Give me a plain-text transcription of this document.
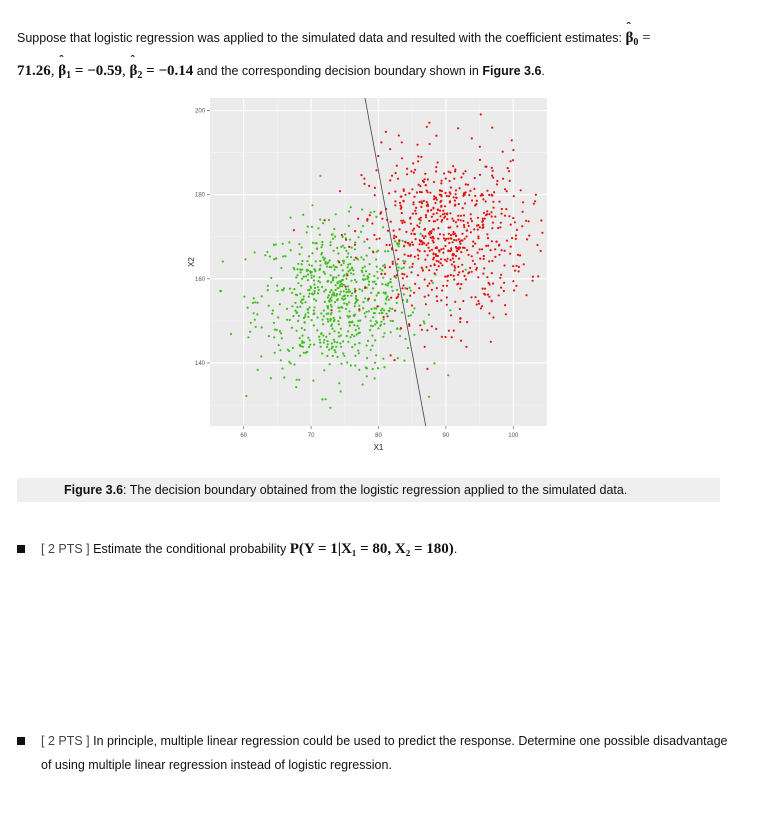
Suppose that logistic regression was applied to the simulated data and resulted with the coefficient estimates: ˆ $\beta_0$ =
71.26, ˆ $\beta_1 = -0.59$, ˆ $\beta_2 = -0.14$ and the corresponding decision boundary shown in Figure 3.6.
60	70	80	90	100
140
160
180
200
X1
X2
Figure 3.6: The decision boundary obtained from the logistic regression applied to the simulated data.
[ 2 PTS ] Estimate the conditional probability P(Y = 1|X₁ = 80, X₂ = 180).
[ 2 PTS ] In principle, multiple linear regression could be used to predict the response. Determine one possible disadvantage of using multiple linear regression instead of logistic regression.
